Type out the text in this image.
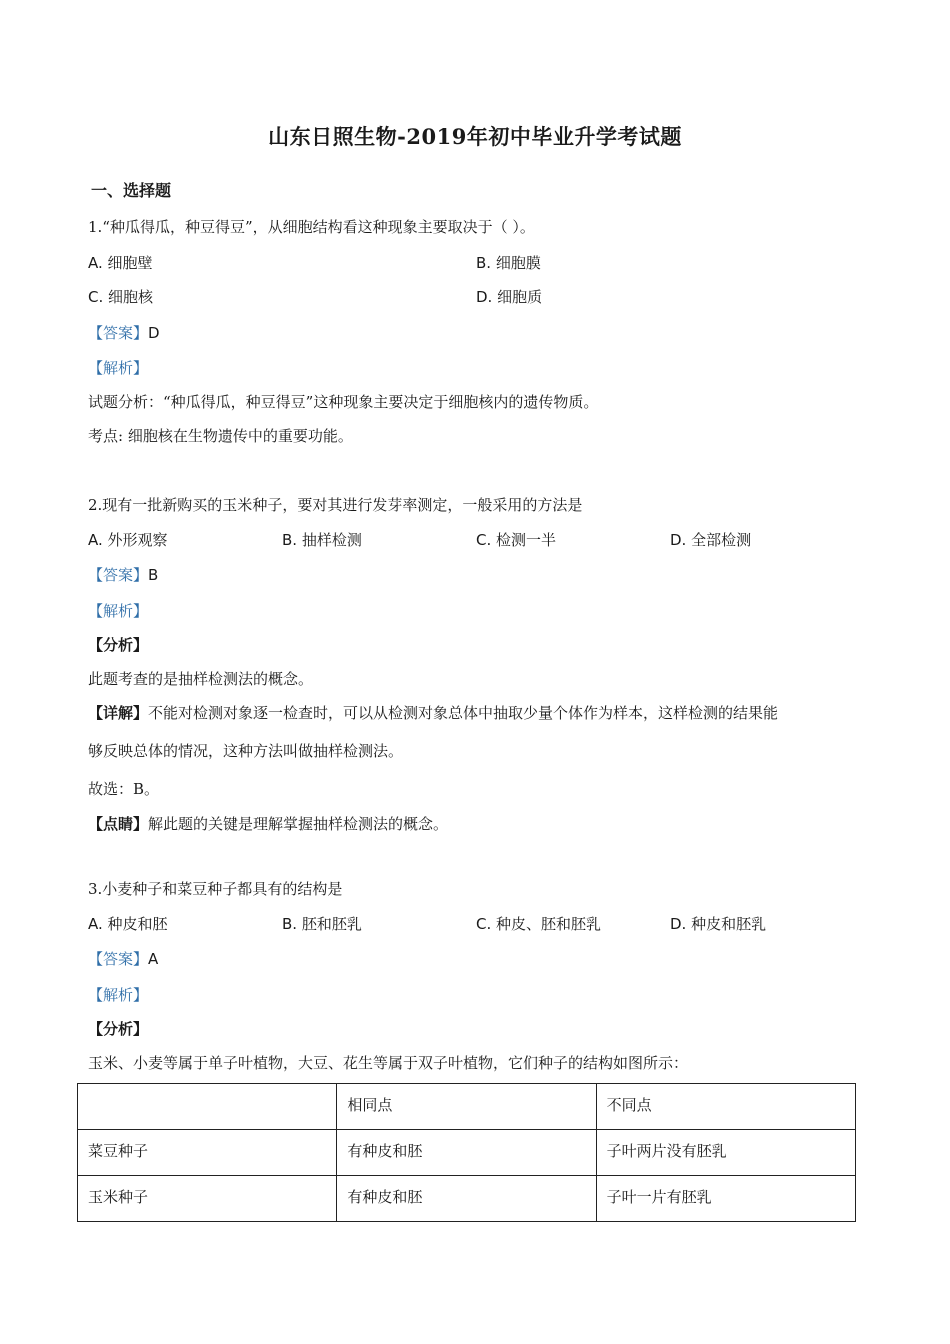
山东日照生物-2019年初中毕业升学考试题
一、选择题
1.“种瓜得瓜，种豆得豆”，从细胞结构看这种现象主要取决于（ ）。
A. 细胞壁	B. 细胞膜
C. 细胞核	D. 细胞质
【答案】D
【解析】
试题分析：“种瓜得瓜，种豆得豆”这种现象主要决定于细胞核内的遗传物质。
考点: 细胞核在生物遗传中的重要功能。
2.现有一批新购买的玉米种子，要对其进行发芽率测定，一般采用的方法是
A. 外形观察	B. 抽样检测	C. 检测一半	D. 全部检测
【答案】B
【解析】
【分析】
此题考查的是抽样检测法的概念。
【详解】不能对检测对象逐一检查时，可以从检测对象总体中抽取少量个体作为样本，这样检测的结果能
够反映总体的情况，这种方法叫做抽样检测法。
故选：B。
【点睛】解此题的关键是理解掌握抽样检测法的概念。
3.小麦种子和菜豆种子都具有的结构是
A. 种皮和胚	B. 胚和胚乳	C. 种皮、胚和胚乳	D. 种皮和胚乳
【答案】A
【解析】
【分析】
玉米、小麦等属于单子叶植物，大豆、花生等属于双子叶植物，它们种子的结构如图所示：
	相同点	不同点
菜豆种子	有种皮和胚	子叶两片没有胚乳
玉米种子	有种皮和胚	子叶一片有胚乳
